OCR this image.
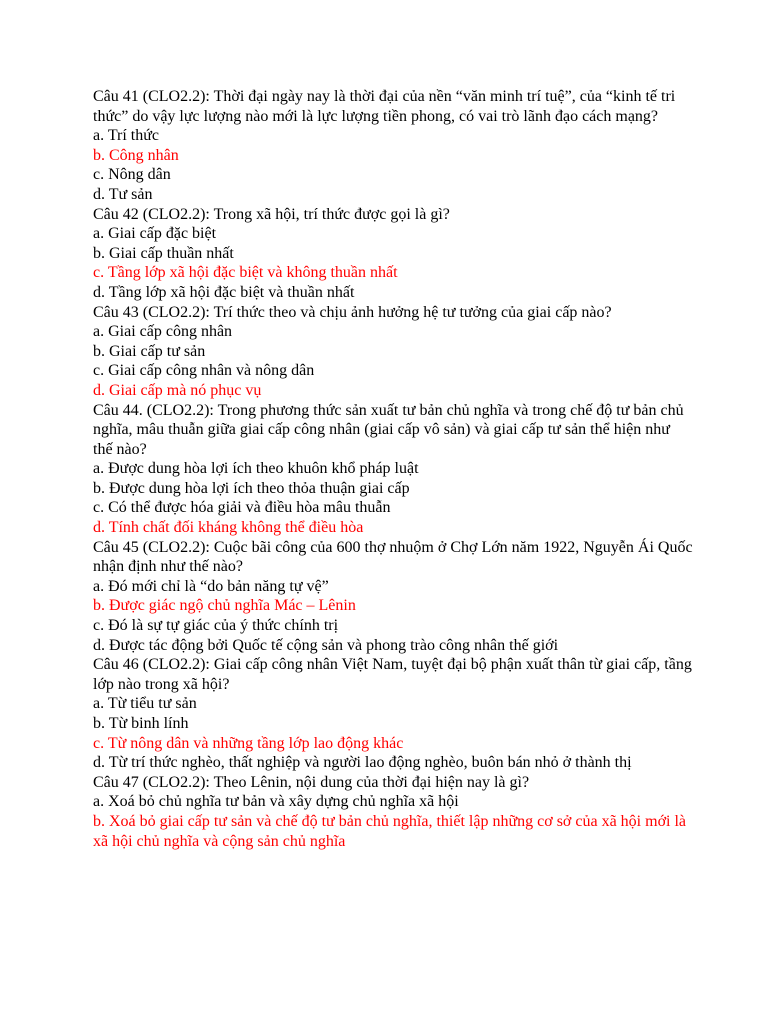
Câu 41 (CLO2.2): Thời đại ngày nay là thời đại của nền “văn minh trí tuệ”, của “kinh tế tri thức” do vậy lực lượng nào mới là lực lượng tiền phong, có vai trò lãnh đạo cách mạng?
a. Trí thức
b. Công nhân
c. Nông dân
d. Tư sản
Câu 42 (CLO2.2): Trong xã hội, trí thức được gọi là gì?
a. Giai cấp đặc biệt
b. Giai cấp thuần nhất
c. Tầng lớp xã hội đặc biệt và không thuần nhất
d. Tầng lớp xã hội đặc biệt và thuần nhất
Câu 43 (CLO2.2): Trí thức theo và chịu ảnh hưởng hệ tư tưởng của giai cấp nào?
a. Giai cấp công nhân
b. Giai cấp tư sản
c. Giai cấp công nhân và nông dân
d. Giai cấp mà nó phục vụ
Câu 44. (CLO2.2): Trong phương thức sản xuất tư bản chủ nghĩa và trong chế độ tư bản chủ nghĩa, mâu thuẫn giữa giai cấp công nhân (giai cấp vô sản) và giai cấp tư sản thể hiện như thế nào?
a. Được dung hòa lợi ích theo khuôn khổ pháp luật
b. Được dung hòa lợi ích theo thỏa thuận giai cấp
c. Có thể được hóa giải và điều hòa mâu thuẫn
d. Tính chất đối kháng không thể điều hòa
Câu 45 (CLO2.2): Cuộc bãi công của 600 thợ nhuộm ở Chợ Lớn năm 1922, Nguyễn Ái Quốc nhận định như thế nào?
a. Đó mới chỉ là “do bản năng tự vệ”
b. Được giác ngộ chủ nghĩa Mác – Lênin
c. Đó là sự tự giác của ý thức chính trị
d. Được tác động bởi Quốc tế cộng sản và phong trào công nhân thế giới
Câu 46 (CLO2.2): Giai cấp công nhân Việt Nam, tuyệt đại bộ phận xuất thân từ giai cấp, tầng lớp nào trong xã hội?
a. Từ tiểu tư sản
b. Từ binh lính
c. Từ nông dân và những tầng lớp lao động khác
d. Từ trí thức nghèo, thất nghiệp và người lao động nghèo, buôn bán nhỏ ở thành thị
Câu 47 (CLO2.2): Theo Lênin, nội dung của thời đại hiện nay là gì?
a. Xoá bỏ chủ nghĩa tư bản và xây dựng chủ nghĩa xã hội
b. Xoá bỏ giai cấp tư sản và chế độ tư bản chủ nghĩa, thiết lập những cơ sở của xã hội mới là xã hội chủ nghĩa và cộng sản chủ nghĩa
